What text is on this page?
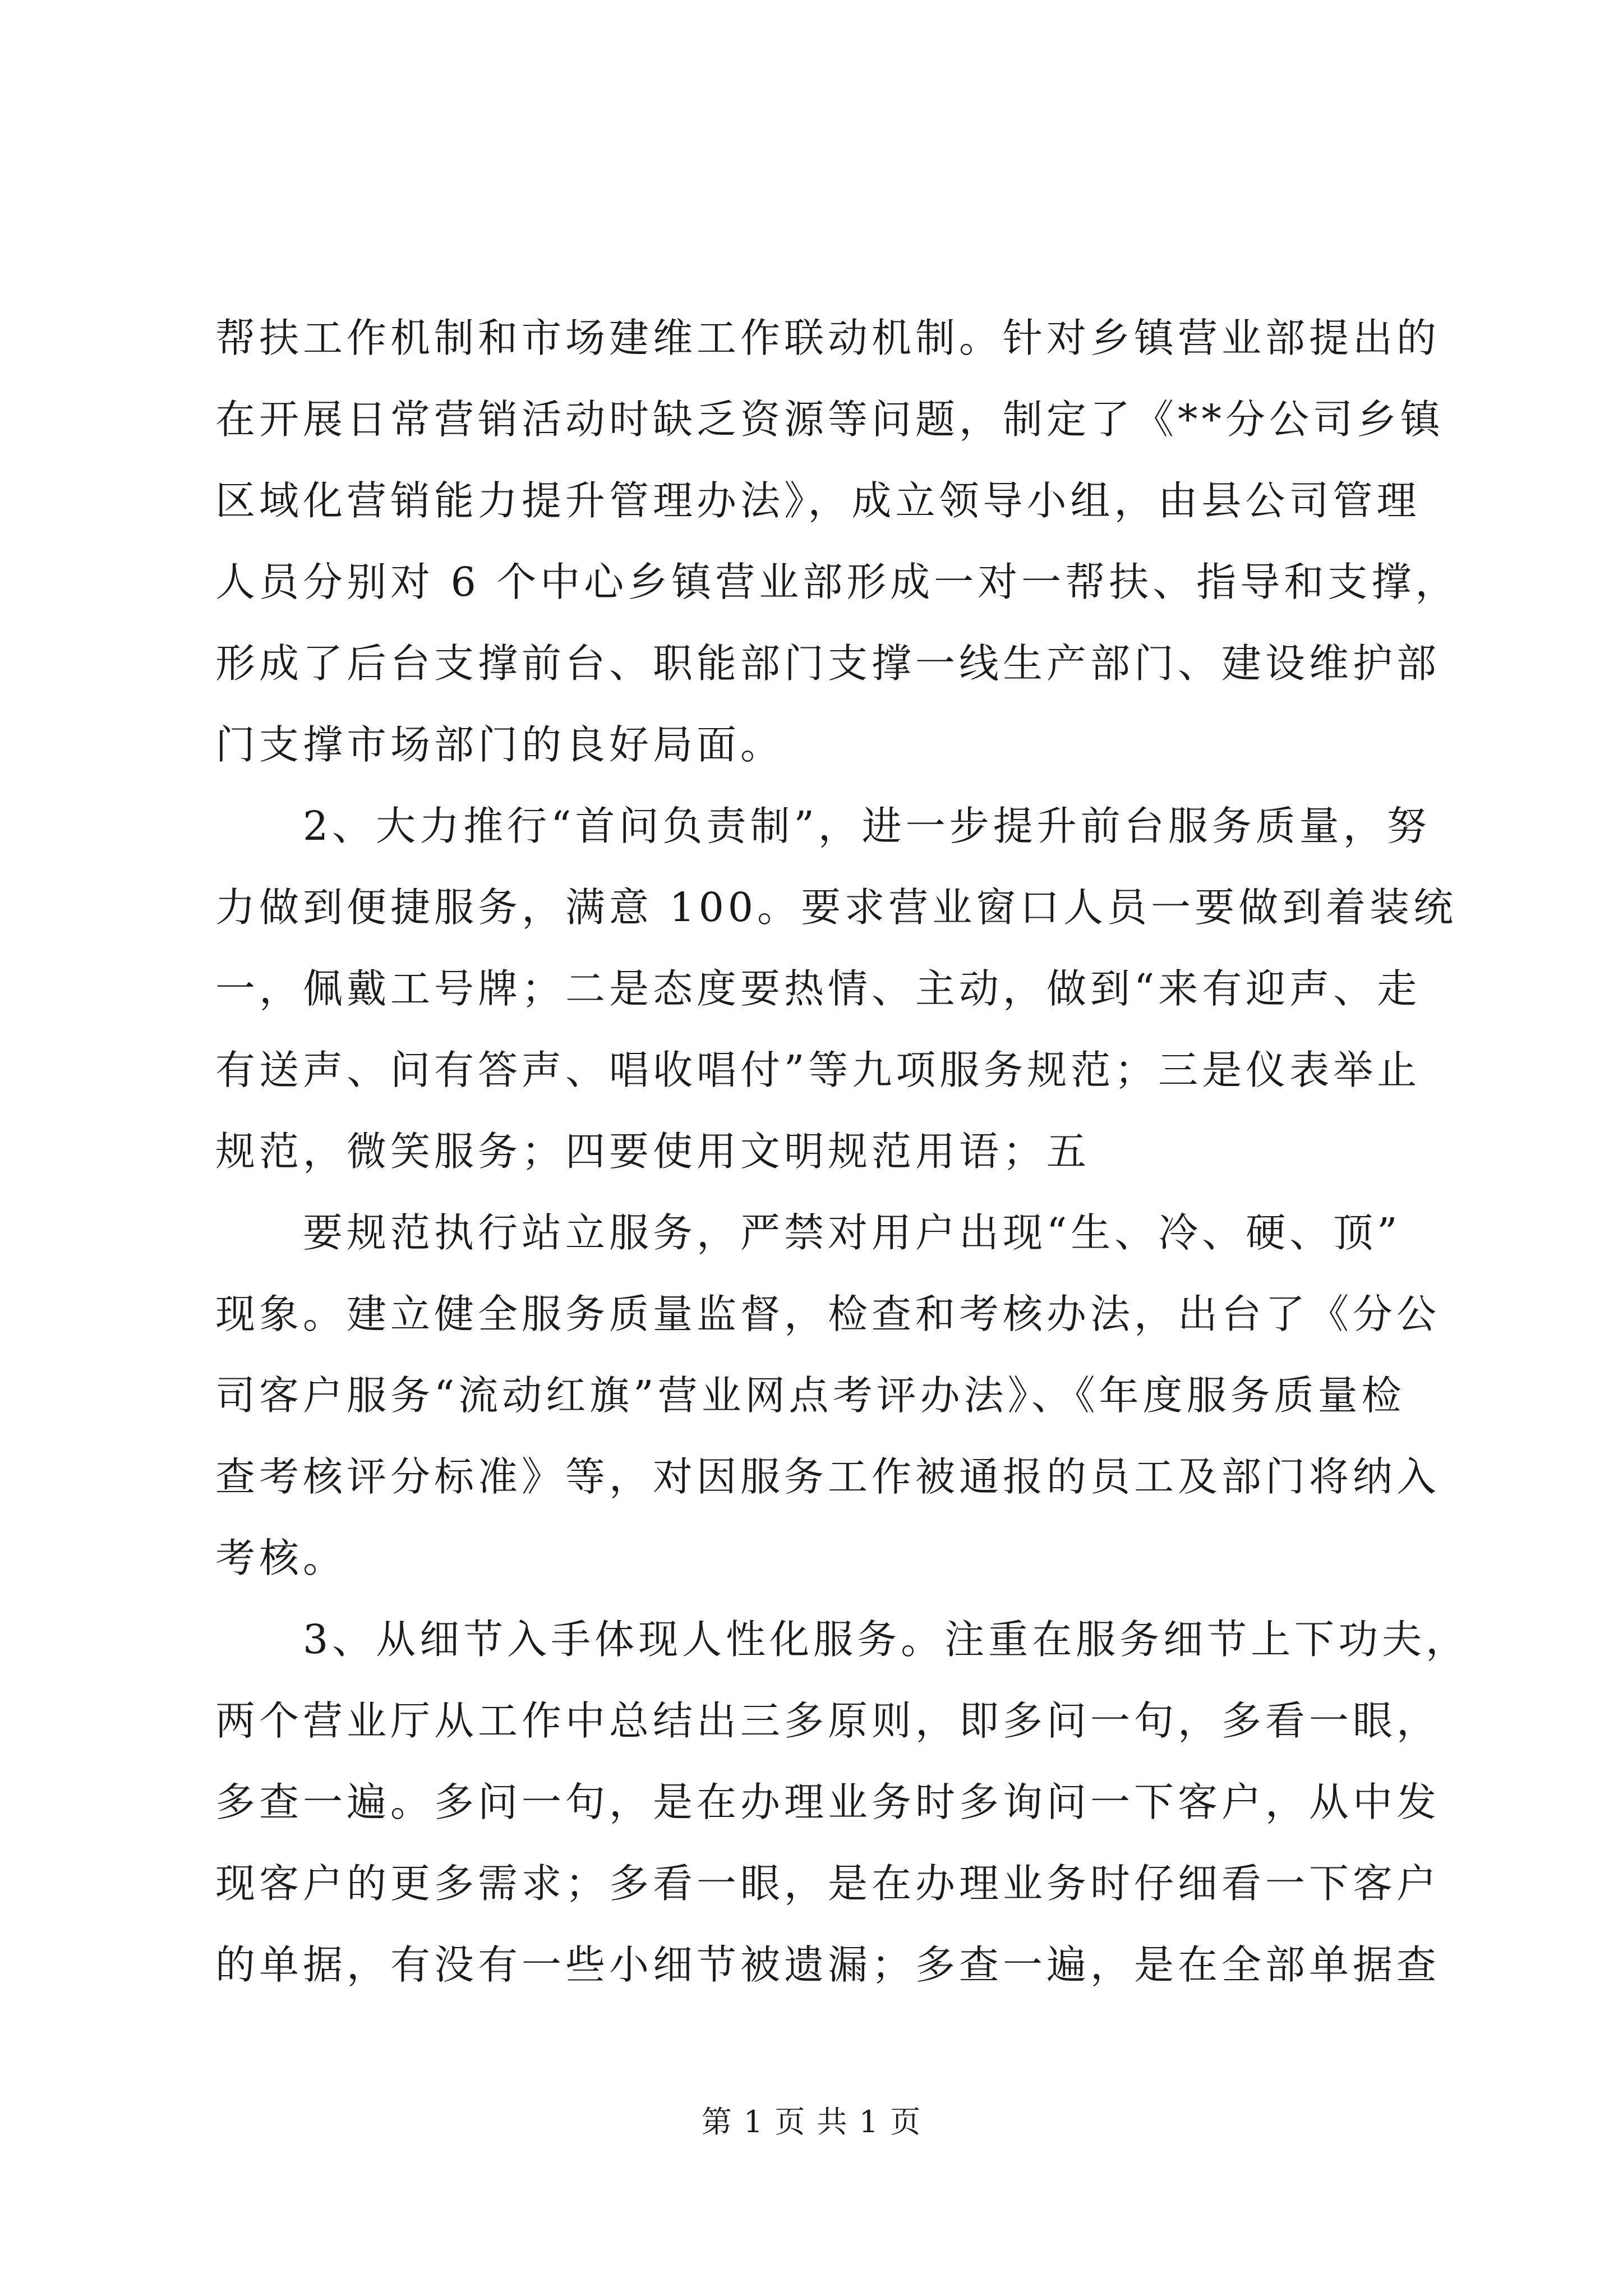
帮扶工作机制和市场建维工作联动机制。针对乡镇营业部提出的
在开展日常营销活动时缺乏资源等问题，制定了《**分公司乡镇
区域化营销能力提升管理办法》，成立领导小组，由县公司管理
人员分别对 6 个中心乡镇营业部形成一对一帮扶、指导和支撑，
形成了后台支撑前台、职能部门支撑一线生产部门、建设维护部
门支撑市场部门的良好局面。
2、大力推行“首问负责制”，进一步提升前台服务质量，努
力做到便捷服务，满意 100。要求营业窗口人员一要做到着装统
一，佩戴工号牌；二是态度要热情、主动，做到“来有迎声、走
有送声、问有答声、唱收唱付”等九项服务规范；三是仪表举止
规范，微笑服务；四要使用文明规范用语；五
要规范执行站立服务，严禁对用户出现“生、冷、硬、顶”
现象。建立健全服务质量监督，检查和考核办法，出台了《分公
司客户服务“流动红旗”营业网点考评办法》、《年度服务质量检
查考核评分标准》等，对因服务工作被通报的员工及部门将纳入
考核。
3、从细节入手体现人性化服务。注重在服务细节上下功夫，
两个营业厅从工作中总结出三多原则，即多问一句，多看一眼，
多查一遍。多问一句，是在办理业务时多询问一下客户，从中发
现客户的更多需求；多看一眼，是在办理业务时仔细看一下客户
的单据，有没有一些小细节被遗漏；多查一遍，是在全部单据查
第 1 页 共 1 页
